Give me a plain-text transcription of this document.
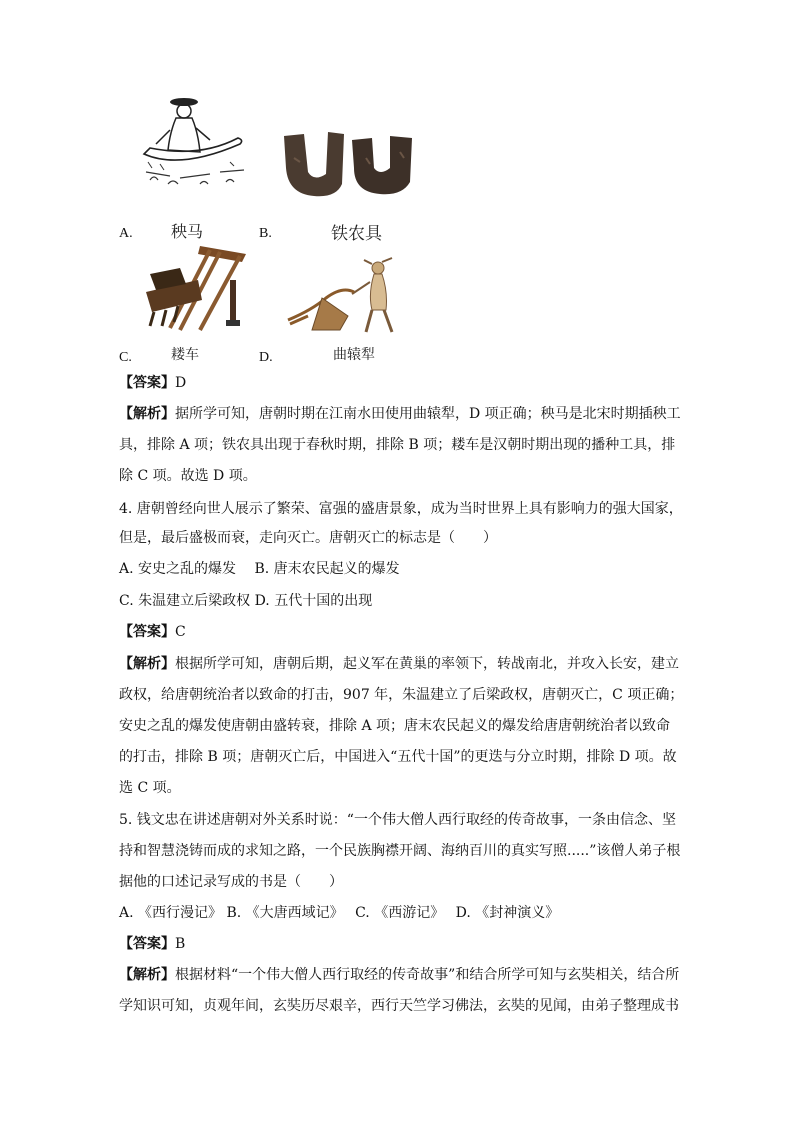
A. 秧马	B.	铁农具
C.	耧车	D.	曲辕犁
【答案】D
【解析】据所学可知，唐朝时期在江南水田使用曲辕犁，D 项正确；秧马是北宋时期插秧工
具，排除 A 项；铁农具出现于春秋时期，排除 B 项；耧车是汉朝时期出现的播种工具，排
除 C 项。故选 D 项。
4. 唐朝曾经向世人展示了繁荣、富强的盛唐景象，成为当时世界上具有影响力的强大国家，
但是，最后盛极而衰，走向灭亡。唐朝灭亡的标志是（　　）
A. 安史之乱的爆发　 B. 唐末农民起义的爆发
C. 朱温建立后梁政权 D. 五代十国的出现
【答案】C
【解析】根据所学可知，唐朝后期，起义军在黄巢的率领下，转战南北，并攻入长安，建立
政权，给唐朝统治者以致命的打击，907 年，朱温建立了后梁政权，唐朝灭亡，C 项正确；
安史之乱的爆发使唐朝由盛转衰，排除 A 项；唐末农民起义的爆发给唐唐朝统治者以致命
的打击，排除 B 项；唐朝灭亡后，中国进入“五代十国”的更迭与分立时期，排除 D 项。故
选 C 项。
5. 钱文忠在讲述唐朝对外关系时说：“一个伟大僧人西行取经的传奇故事，一条由信念、坚
持和智慧浇铸而成的求知之路，一个民族胸襟开阔、海纳百川的真实写照.....”该僧人弟子根
据他的口述记录写成的书是（　　）
A. 《西行漫记》 B. 《大唐西域记》　 C. 《西游记》　 D. 《封神演义》
【答案】B
【解析】根据材料“一个伟大僧人西行取经的传奇故事”和结合所学可知与玄奘相关，结合所
学知识可知，贞观年间，玄奘历尽艰辛，西行天竺学习佛法，玄奘的见闻，由弟子整理成书
